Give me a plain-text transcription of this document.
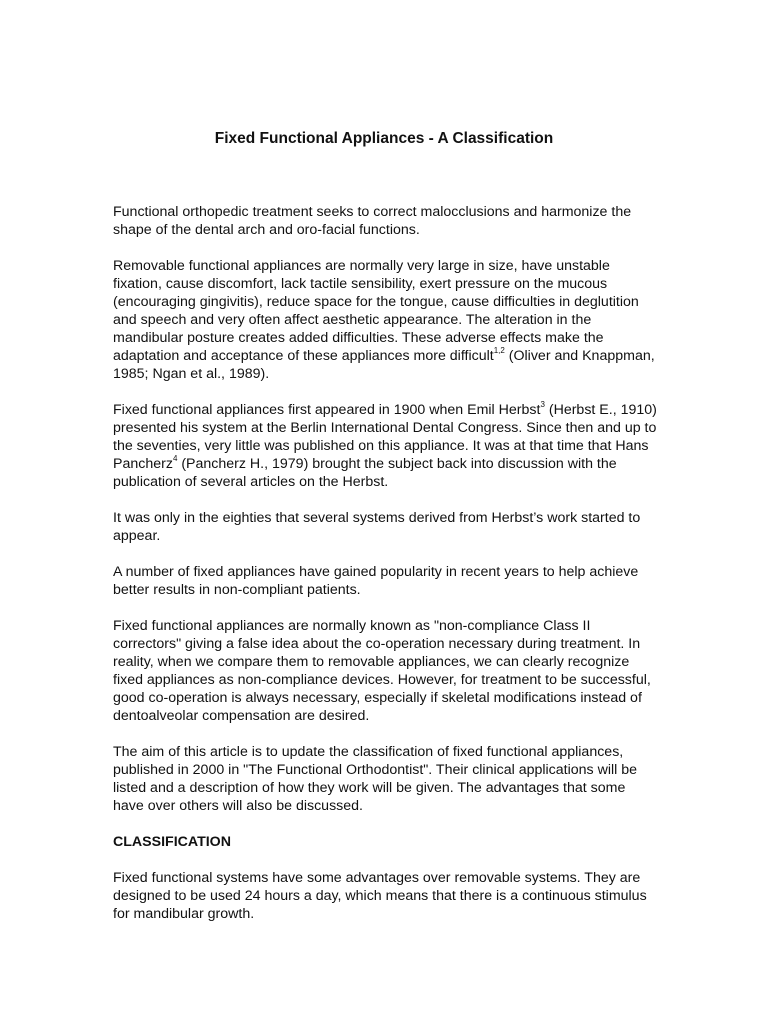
Fixed Functional Appliances - A Classification

Functional orthopedic treatment seeks to correct malocclusions and harmonize the shape of the dental arch and oro-facial functions.

Removable functional appliances are normally very large in size, have unstable fixation, cause discomfort, lack tactile sensibility, exert pressure on the mucous (encouraging gingivitis), reduce space for the tongue, cause difficulties in deglutition and speech and very often affect aesthetic appearance. The alteration in the mandibular posture creates added difficulties. These adverse effects make the adaptation and acceptance of these appliances more difficult$^{1,2}$ (Oliver and Knappman, 1985; Ngan et al., 1989).

Fixed functional appliances first appeared in 1900 when Emil Herbst$^3$ (Herbst E., 1910) presented his system at the Berlin International Dental Congress. Since then and up to the seventies, very little was published on this appliance. It was at that time that Hans Pancherz$^4$ (Pancherz H., 1979) brought the subject back into discussion with the publication of several articles on the Herbst.

It was only in the eighties that several systems derived from Herbst’s work started to appear.

A number of fixed appliances have gained popularity in recent years to help achieve better results in non-compliant patients.

Fixed functional appliances are normally known as "non-compliance Class II correctors" giving a false idea about the co-operation necessary during treatment. In reality, when we compare them to removable appliances, we can clearly recognize fixed appliances as non-compliance devices. However, for treatment to be successful, good co-operation is always necessary, especially if skeletal modifications instead of dentoalveolar compensation are desired.

The aim of this article is to update the classification of fixed functional appliances, published in 2000 in "The Functional Orthodontist". Their clinical applications will be listed and a description of how they work will be given. The advantages that some have over others will also be discussed.

CLASSIFICATION

Fixed functional systems have some advantages over removable systems. They are designed to be used 24 hours a day, which means that there is a continuous stimulus for mandibular growth.
